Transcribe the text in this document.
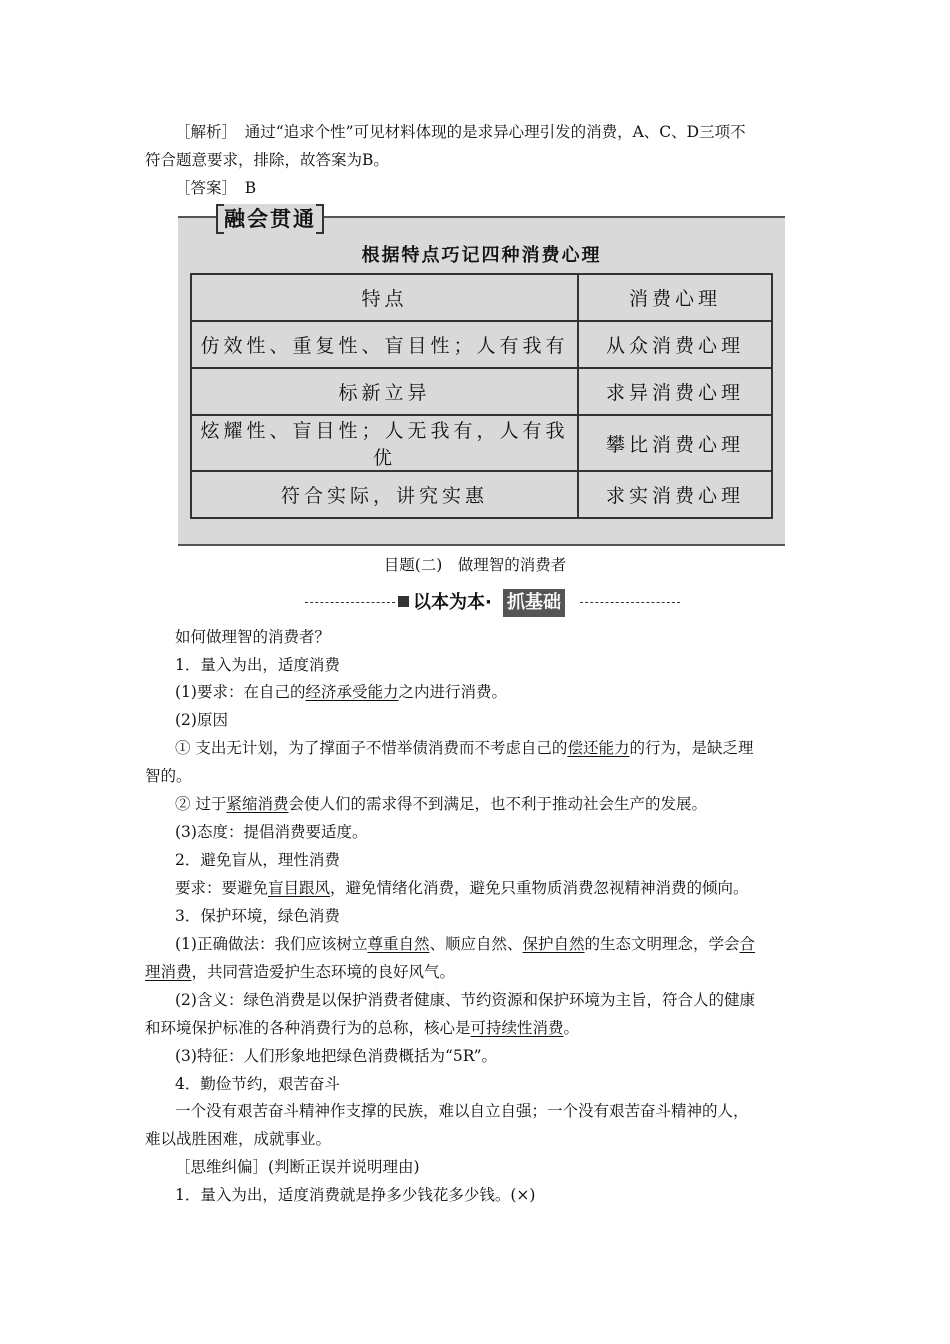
［解析］　通过“追求个性”可见材料体现的是求异心理引发的消费，A、C、D三项不
符合题意要求，排除，故答案为B。
［答案］　B
融会贯通
根据特点巧记四种消费心理
特点	消费心理
仿效性、重复性、盲目性；人有我有	从众消费心理
标新立异	求异消费心理
炫耀性、盲目性；人无我有，人有我优	攀比消费心理
符合实际，讲究实惠	求实消费心理
目题(二)　做理智的消费者
以本为本· 抓基础
如何做理智的消费者？
1．量入为出，适度消费
(1)要求：在自己的经济承受能力之内进行消费。
(2)原因
① 支出无计划，为了撑面子不惜举债消费而不考虑自己的偿还能力的行为，是缺乏理
智的。
② 过于紧缩消费会使人们的需求得不到满足，也不利于推动社会生产的发展。
(3)态度：提倡消费要适度。
2．避免盲从，理性消费
要求：要避免盲目跟风，避免情绪化消费，避免只重物质消费忽视精神消费的倾向。
3．保护环境，绿色消费
(1)正确做法：我们应该树立尊重自然、顺应自然、保护自然的生态文明理念，学会合
理消费，共同营造爱护生态环境的良好风气。
(2)含义：绿色消费是以保护消费者健康、节约资源和保护环境为主旨，符合人的健康
和环境保护标准的各种消费行为的总称，核心是可持续性消费。
(3)特征：人们形象地把绿色消费概括为“5R”。
4．勤俭节约，艰苦奋斗
一个没有艰苦奋斗精神作支撑的民族，难以自立自强；一个没有艰苦奋斗精神的人，
难以战胜困难，成就事业。
［思维纠偏］(判断正误并说明理由)
1．量入为出，适度消费就是挣多少钱花多少钱。(×)
